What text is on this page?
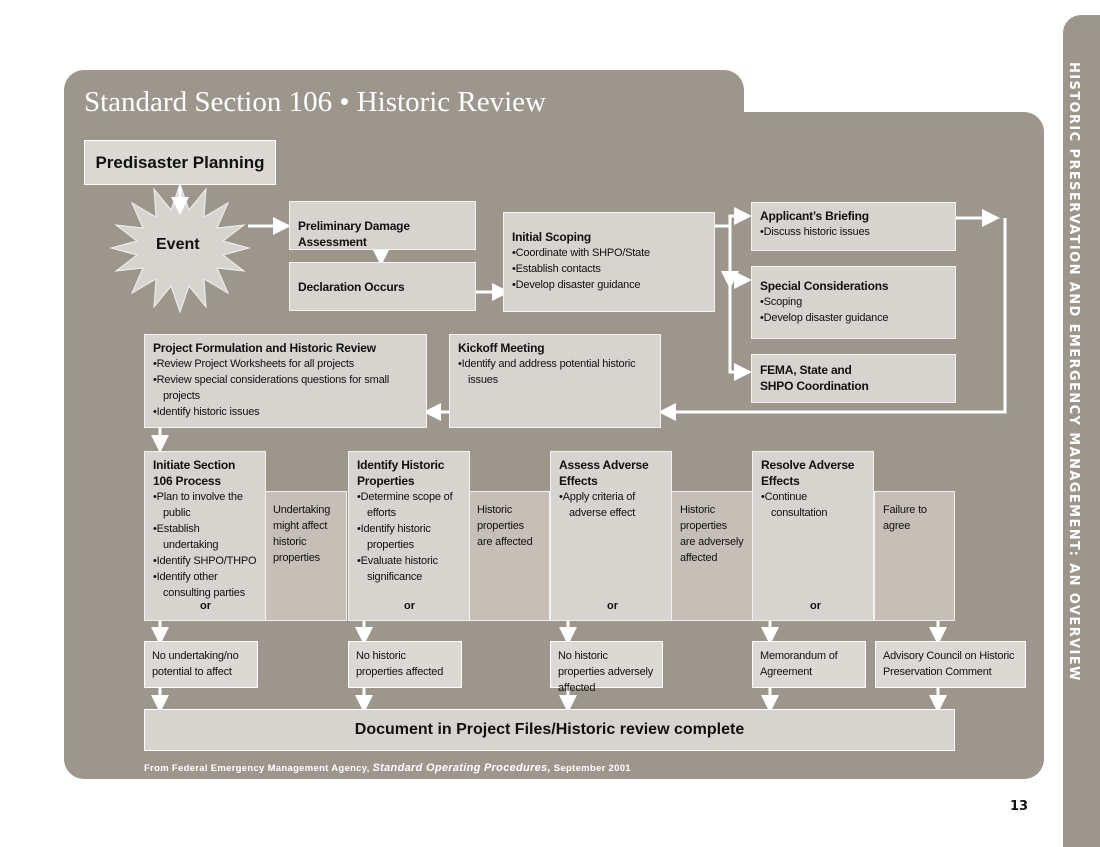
HISTORIC PRESERVATION AND EMERGENCY MANAGEMENT: AN OVERVIEW
13
Standard Section 106 • Historic Review
Predisaster Planning
Event
Preliminary Damage Assessment
Declaration Occurs
Initial Scoping
• Coordinate with SHPO/State
• Establish contacts
• Develop disaster guidance
Applicant’s Briefing
• Discuss historic issues
Special Considerations
• Scoping
• Develop disaster guidance
FEMA, State and
SHPO Coordination
Project Formulation and Historic Review
• Review Project Worksheets for all projects
• Review special considerations questions for small projects
• Identify historic issues
Kickoff Meeting
• Identify and address potential historic issues
Undertaking might affect historic properties
Initiate Section 106 Process
• Plan to involve the public
• Establish undertaking
• Identify SHPO/THPO
• Identify other consulting parties
or
Historic properties are affected
Identify Historic Properties
• Determine scope of efforts
• Identify historic properties
• Evaluate historic significance
or
Historic properties are adversely affected
Assess Adverse Effects
• Apply criteria of adverse effect
or
Failure to agree
Resolve Adverse Effects
• Continue consultation
or
No undertaking/no potential to affect
No historic properties affected
No historic properties adversely affected
Memorandum of Agreement
Advisory Council on Historic Preservation Comment
Document in Project Files/Historic review complete
From Federal Emergency Management Agency, Standard Operating Procedures, September 2001
